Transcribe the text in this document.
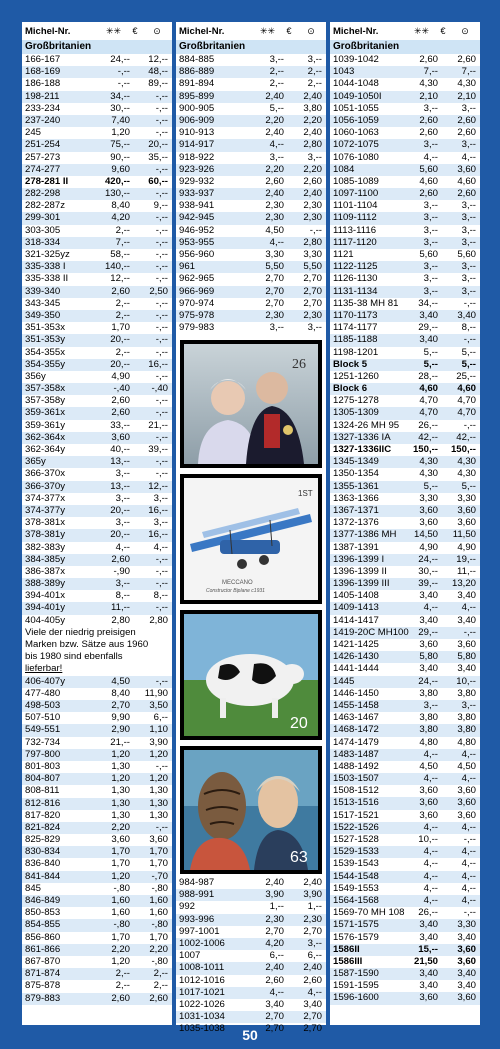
Michel-Nr.	✳✳	€	⊙
Großbritanien
166-167	24,-- 12,--
168-169	-,-- 48,--
186-188	-,-- 89,--
198-211	34,--	-,--
233-234	30,--	-,--
237-240	7,40	-,--
245	1,20	-,--
251-254	75,-- 20,--
257-273	90,-- 35,--
274-277	9,60	-,--
278-281 II	420,-- 60,--
282-298	130,--	-,--
282-287z	8,40 9,--
299-301	4,20	-,--
303-305	2,--	-,--
318-334	7,--	-,--
321-325yz	58,--	-,--
335-338 I	140,--	-,--
335-338 II	12,--	-,--
339-340	2,60 2,50
343-345	2,--	-,--
349-350	2,--	-,--
351-353x	1,70	-,--
351-353y	20,--	-,--
354-355x	2,--	-,--
354-355y	20,-- 16,--
356y	4,90	-,--
357-358x	-,40 -,40
357-358y	2,60	-,--
359-361x	2,60	-,--
359-361y	33,-- 21,--
362-364x	3,60	-,--
362-364y	40,-- 39,--
365y	13,--	-,--
366-370x	3,--	-,--
366-370y	13,-- 12,--
374-377x	3,-- 3,--
374-377y	20,-- 16,--
378-381x	3,-- 3,--
378-381y	20,-- 16,--
382-383y	4,-- 4,--
384-385y	2,60	-,--
386-387x	-,90	-,--
388-389y	3,--	-,--
394-401x	8,-- 8,--
394-401y	11,--	-,--
404-405y	2,80 2,80
Viele der niedrig preisigen
Marken bzw. Sätze aus 1960
bis 1980 sind ebenfalls
lieferbar!
406-407y	4,50	-,--
477-480	8,40 11,90
498-503	2,70 3,50
507-510	9,90 6,--
549-551	2,90 1,10
732-734	21,-- 3,90
797-800	1,20 1,20
801-803	1,30	-,--
804-807	1,20 1,20
808-811	1,30 1,30
812-816	1,30 1,30
817-820	1,30 1,30
821-824	2,20	-,--
825-829	3,60 3,60
830-834	1,70 1,70
836-840	1,70 1,70
841-844	1,20 -,70
845	-,80 -,80
846-849	1,60 1,60
850-853	1,60 1,60
854-855	-,80 -,80
856-860	1,70 1,70
861-866	2,20 2,20
867-870	1,20 -,80
871-874	2,-- 2,--
875-878	2,-- 2,--
879-883	2,60 2,60
Michel-Nr.	✳✳	€	⊙
Großbritanien
884-885	3,-- 3,--
886-889	2,-- 2,--
891-894	2,-- 2,--
895-899	2,40 2,40
900-905	5,-- 3,80
906-909	2,20 2,20
910-913	2,40 2,40
914-917	4,-- 2,80
918-922	3,-- 3,--
923-926	2,20 2,20
929-932	2,60 2,60
933-937	2,40 2,40
938-941	2,30 2,30
942-945	2,30 2,30
946-952	4,50	-,--
953-955	4,-- 2,80
956-960	3,30 3,30
961	5,50 5,50
962-965	2,70 2,70
966-969	2,70 2,70
970-974	2,70 2,70
975-978	2,30 2,30
979-983	3,-- 3,--
26
1ST
MECCANO
Constructor Biplane c1931
20
63
984-987	2,40 2,40
988-991	3,90 3,90
992	1,-- 1,--
993-996	2,30 2,30
997-1001	2,70 2,70
1002-1006	4,20 3,--
1007	6,-- 6,--
1008-1011	2,40 2,40
1012-1016	2,60 2,60
1017-1021	4,-- 4,--
1022-1026	3,40 3,40
1031-1034	2,70 2,70
1035-1038	2,70 2,70
Michel-Nr.	✳✳	€	⊙
Großbritanien
1039-1042	2,60 2,60
1043	7,-- 7,--
1044-1048	4,30 4,30
1049-1050I	2,10 2,10
1051-1055	3,-- 3,--
1056-1059	2,60 2,60
1060-1063	2,60 2,60
1072-1075	3,-- 3,--
1076-1080	4,-- 4,--
1084	5,60 3,60
1085-1089	4,60 4,60
1097-1100	2,60 2,60
1101-1104	3,-- 3,--
1109-1112	3,-- 3,--
1113-1116	3,-- 3,--
1117-1120	3,-- 3,--
1121	5,60 5,60
1122-1125	3,-- 3,--
1126-1130	3,-- 3,--
1131-1134	3,-- 3,--
1135-38 MH 81 34,--	-,--
1170-1173	3,40 3,40
1174-1177	29,-- 8,--
1185-1188	3,40	-,--
1198-1201	5,-- 5,--
Block 5	5,-- 5,--
1251-1260	28,-- 25,--
Block 6	4,60 4,60
1275-1278	4,70 4,70
1305-1309	4,70 4,70
1324-26 MH 95 26,--	-,--
1327-1336 IA	42,-- 42,--
1327-1336IIC 150,-- 150,--
1345-1349	4,30 4,30
1350-1354	4,30 4,30
1355-1361	5,-- 5,--
1363-1366	3,30 3,30
1367-1371	3,60 3,60
1372-1376	3,60 3,60
1377-1386 MH 14,50 11,50
1387-1391	4,90 4,90
1396-1399 I	24,-- 19,--
1396-1399 II	30,-- 11,--
1396-1399 III	39,-- 13,20
1405-1408	3,40 3,40
1409-1413	4,-- 4,--
1414-1417	3,40 3,40
1419-20C MH100 29,--	-,--
1421-1425	3,60 3,60
1426-1430	5,80 5,80
1441-1444	3,40 3,40
1445	24,-- 10,--
1446-1450	3,80 3,80
1455-1458	3,-- 3,--
1463-1467	3,80 3,80
1468-1472	3,80 3,80
1474-1479	4,80 4,80
1483-1487	4,-- 4,--
1488-1492	4,50 4,50
1503-1507	4,-- 4,--
1508-1512	3,60 3,60
1513-1516	3,60 3,60
1517-1521	3,60 3,60
1522-1526	4,-- 4,--
1527-1528	10,--	-,--
1529-1533	4,-- 4,--
1539-1543	4,-- 4,--
1544-1548	4,-- 4,--
1549-1553	4,-- 4,--
1564-1568	4,-- 4,--
1569-70 MH 108 26,--	-,--
1571-1575	3,40 3,30
1576-1579	3,40 3,40
1586II	15,-- 3,60
1586III	21,50 3,60
1587-1590	3,40 3,40
1591-1595	3,40 3,40
1596-1600	3,60 3,60
50
